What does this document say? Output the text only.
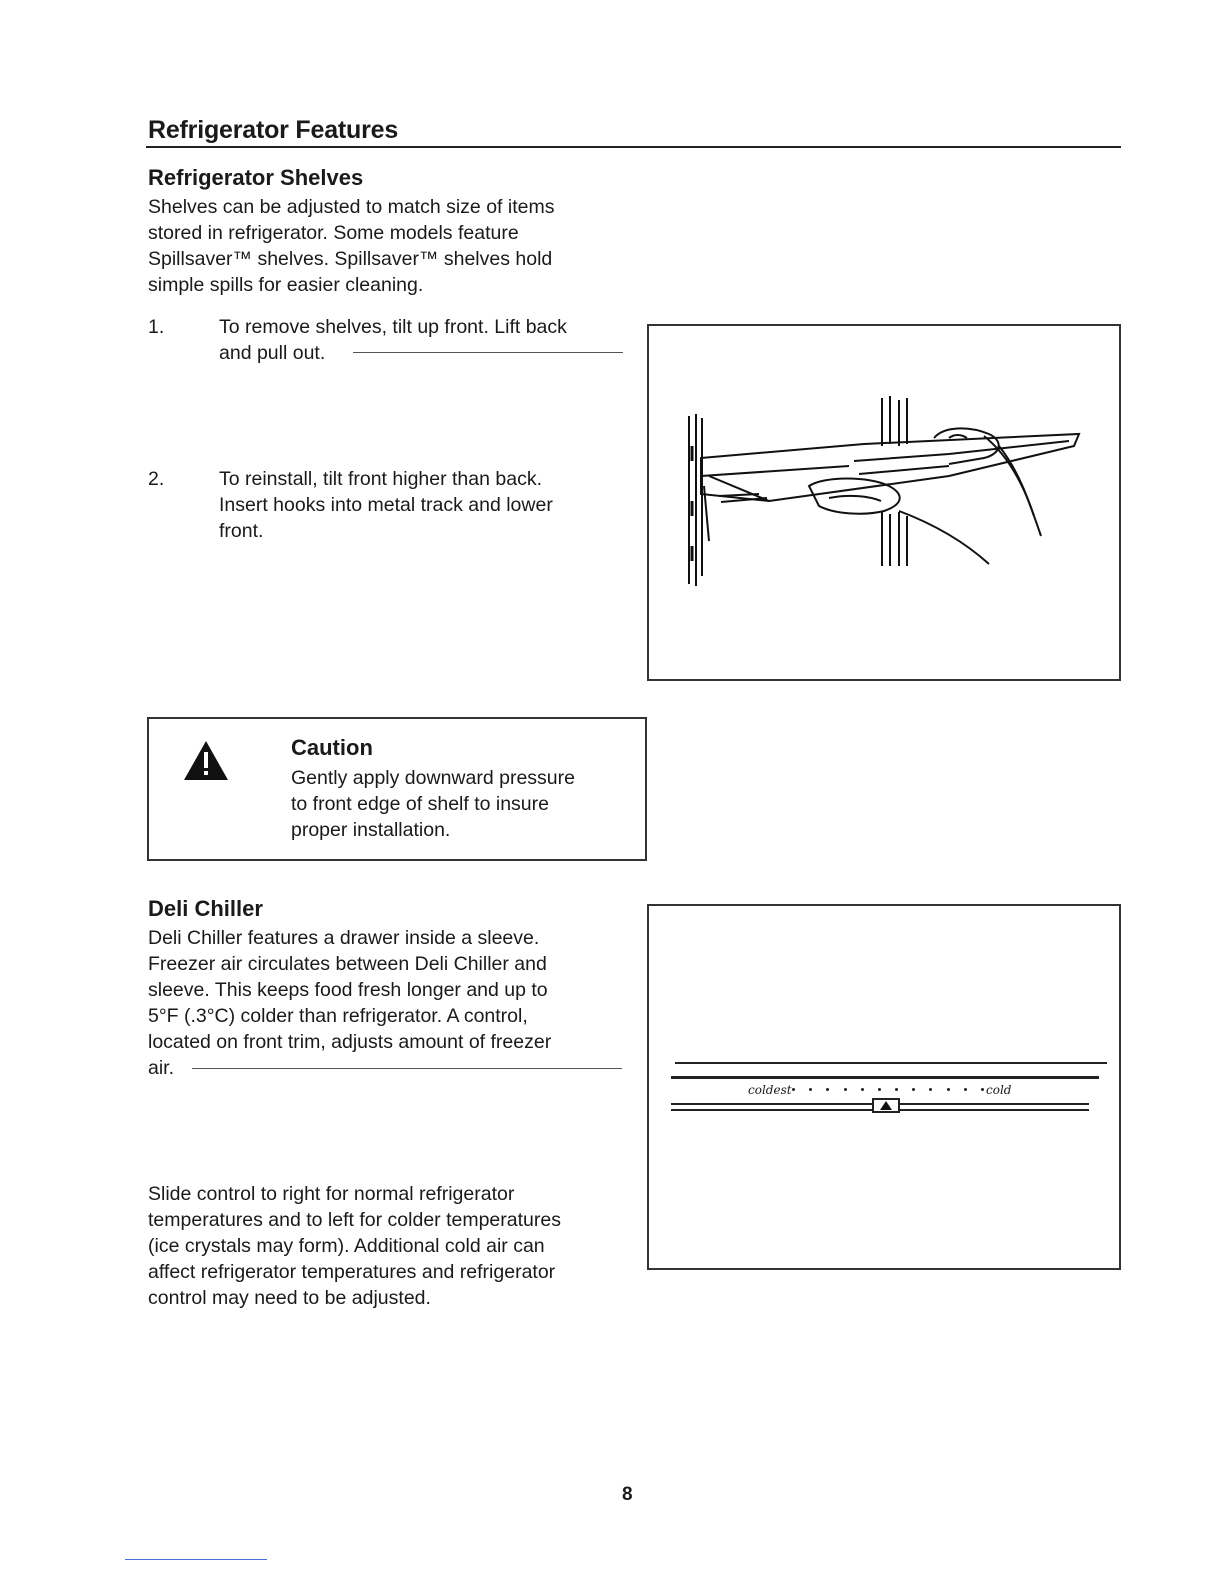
Refrigerator Features
Refrigerator Shelves
Shelves can be adjusted to match size of items
stored in refrigerator. Some models feature
Spillsaver™ shelves. Spillsaver™ shelves hold
simple spills for easier cleaning.
1.	To remove shelves, tilt up front. Lift back
and pull out.
2.	To reinstall, tilt front higher than back.
Insert hooks into metal track and lower
front.
Caution
Gently apply downward pressure
to front edge of shelf to insure
proper installation.
Deli Chiller
Deli Chiller features a drawer inside a sleeve.
Freezer air circulates between Deli Chiller and
sleeve. This keeps food fresh longer and up to
5°F (.3°C) colder than refrigerator. A control,
located on front trim, adjusts amount of freezer
air.
Slide control to right for normal refrigerator
temperatures and to left for colder temperatures
(ice crystals may form). Additional cold air can
affect refrigerator temperatures and refrigerator
control may need to be adjusted.
coldest	cold
8
